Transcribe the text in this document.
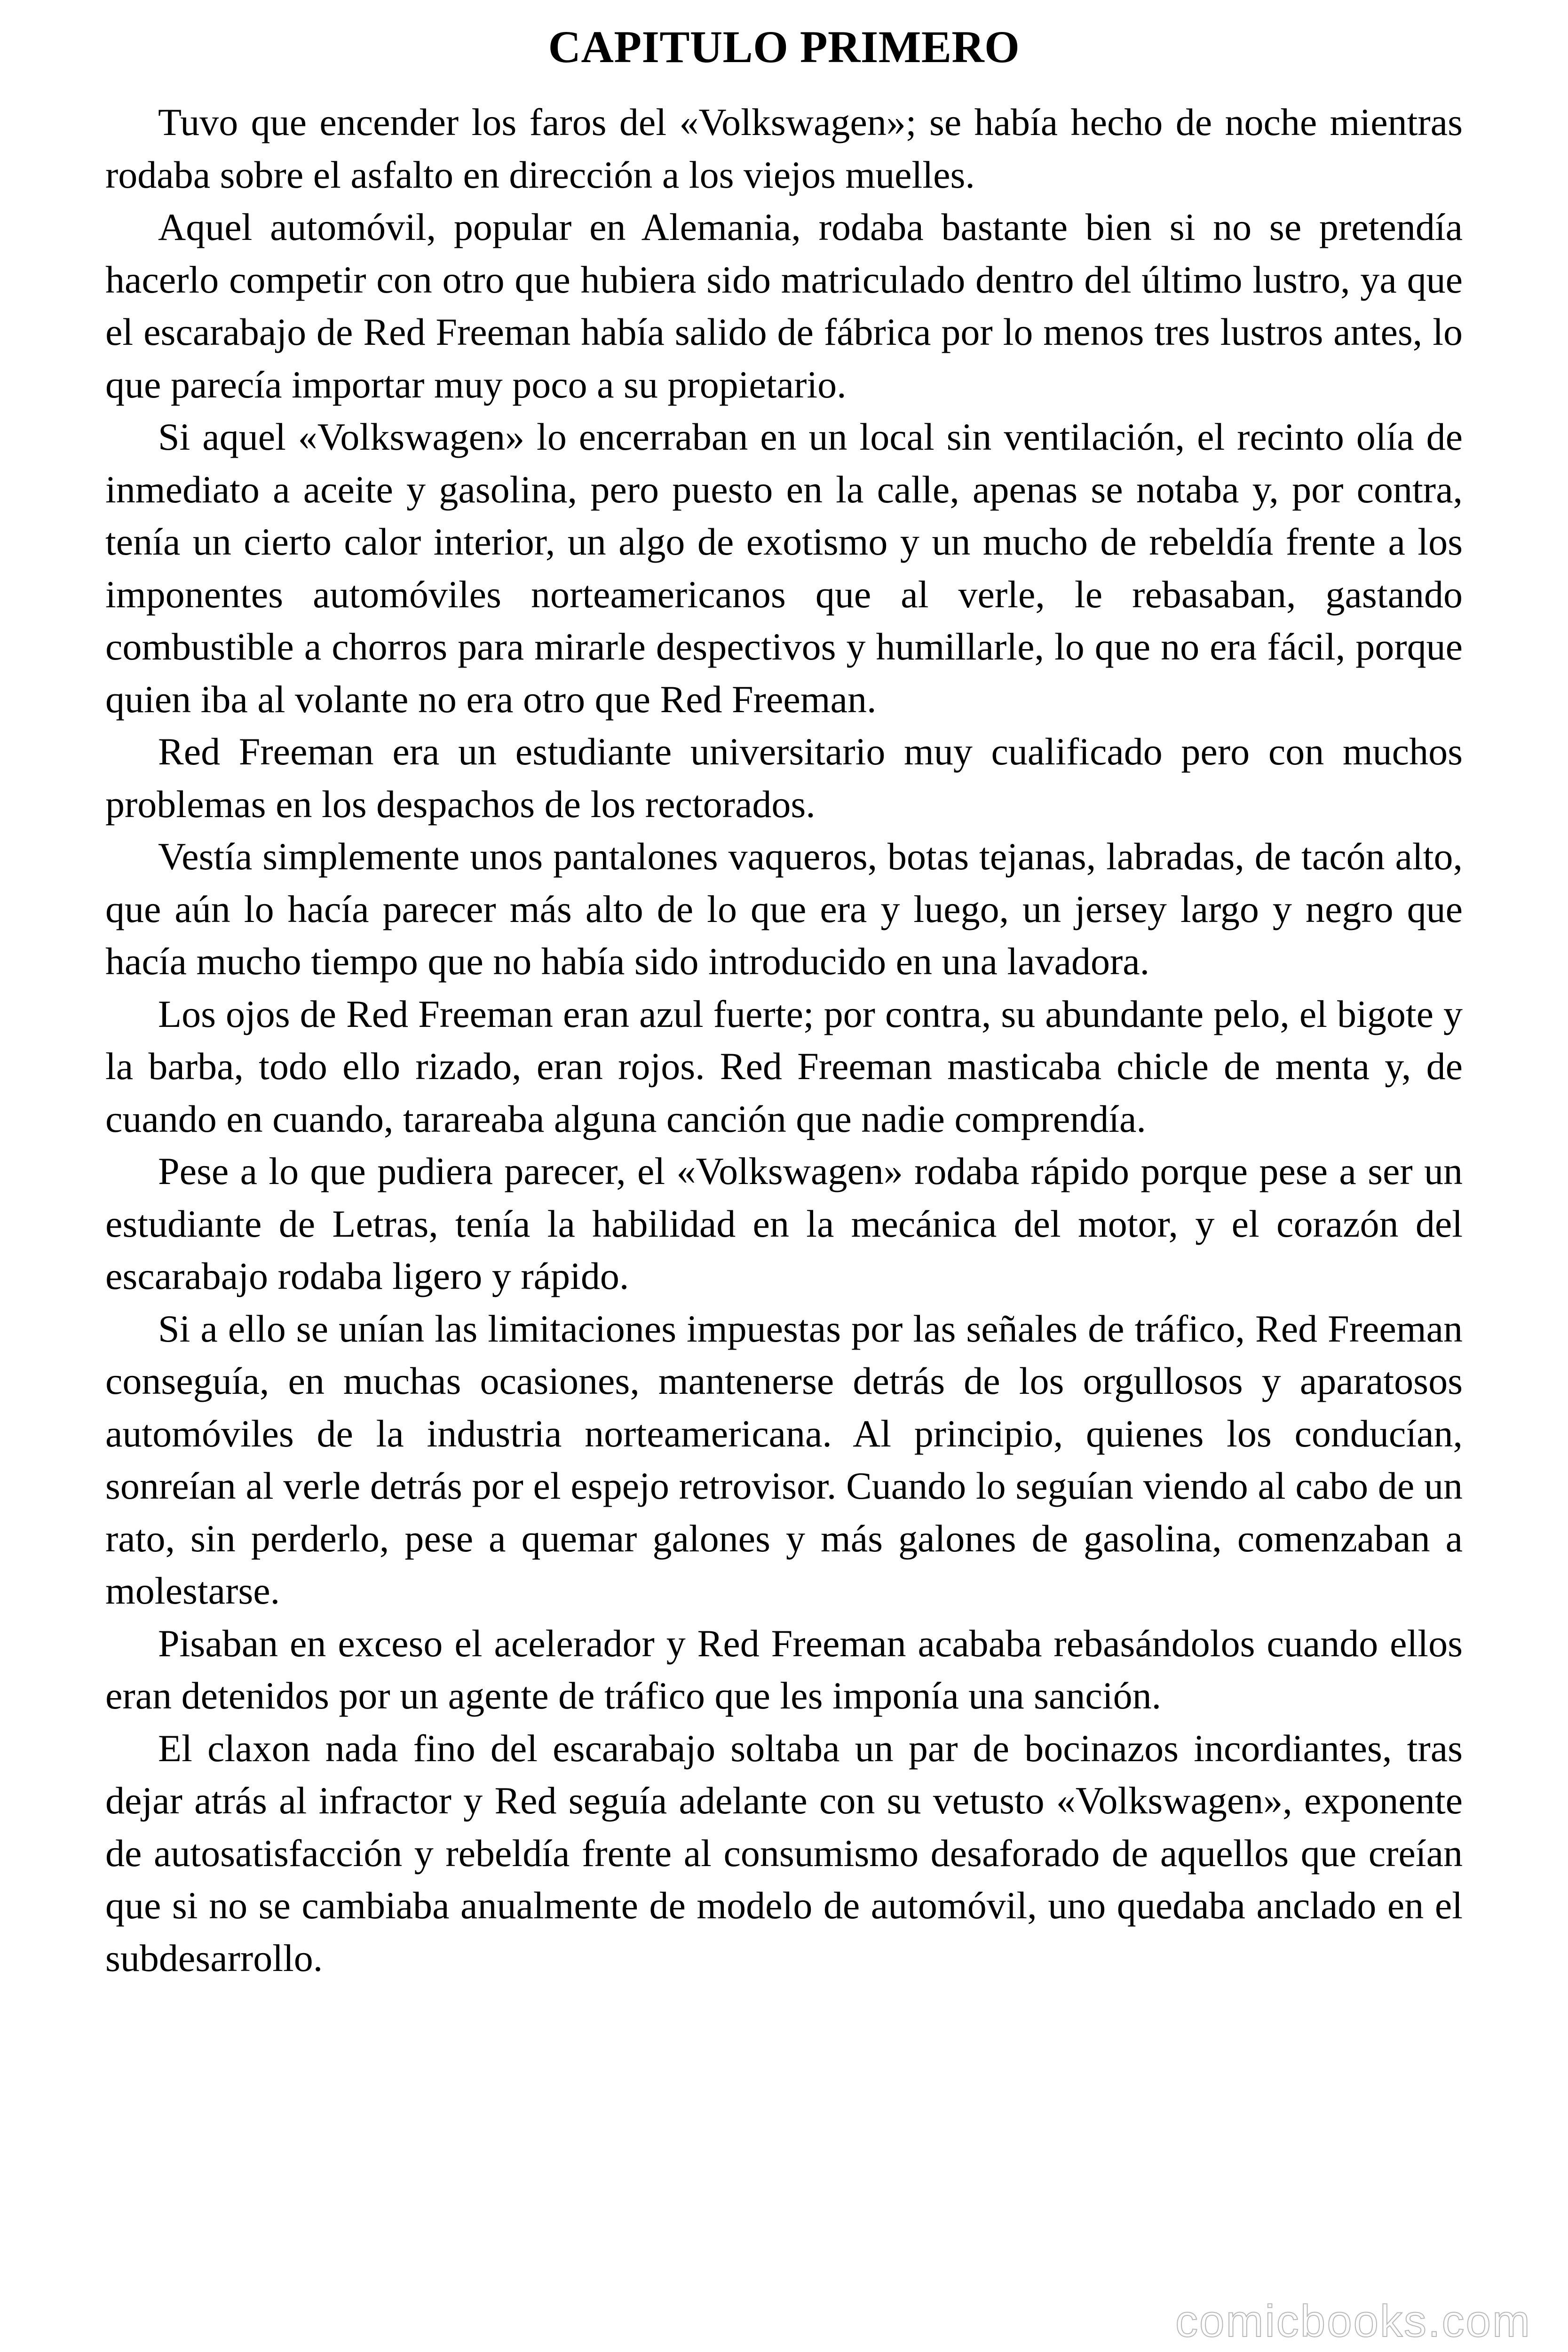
CAPITULO PRIMERO

Tuvo que encender los faros del «Volkswagen»; se había hecho de noche mientras rodaba sobre el asfalto en dirección a los viejos muelles.

Aquel automóvil, popular en Alemania, rodaba bastante bien si no se pretendía hacerlo competir con otro que hubiera sido matriculado dentro del último lustro, ya que el escarabajo de Red Freeman había salido de fábrica por lo menos tres lustros antes, lo que parecía importar muy poco a su propietario.

Si aquel «Volkswagen» lo encerraban en un local sin ventilación, el recinto olía de inmediato a aceite y gasolina, pero puesto en la calle, apenas se notaba y, por contra, tenía un cierto calor interior, un algo de exotismo y un mucho de rebeldía frente a los imponentes automóviles norteamericanos que al verle, le rebasaban, gastando combustible a chorros para mirarle despectivos y humillarle, lo que no era fácil, porque quien iba al volante no era otro que Red Freeman.

Red Freeman era un estudiante universitario muy cualificado pero con muchos problemas en los despachos de los rectorados.

Vestía simplemente unos pantalones vaqueros, botas tejanas, labradas, de tacón alto, que aún lo hacía parecer más alto de lo que era y luego, un jersey largo y negro que hacía mucho tiempo que no había sido introducido en una lavadora.

Los ojos de Red Freeman eran azul fuerte; por contra, su abundante pelo, el bigote y la barba, todo ello rizado, eran rojos. Red Freeman masticaba chicle de menta y, de cuando en cuando, tarareaba alguna canción que nadie comprendía.

Pese a lo que pudiera parecer, el «Volkswagen» rodaba rápido porque pese a ser un estudiante de Letras, tenía la habilidad en la mecánica del motor, y el corazón del escarabajo rodaba ligero y rápido.

Si a ello se unían las limitaciones impuestas por las señales de tráfico, Red Freeman conseguía, en muchas ocasiones, mantenerse detrás de los orgullosos y aparatosos automóviles de la industria norteamericana. Al principio, quienes los conducían, sonreían al verle detrás por el espejo retrovisor. Cuando lo seguían viendo al cabo de un rato, sin perderlo, pese a quemar galones y más galones de gasolina, comenzaban a molestarse.

Pisaban en exceso el acelerador y Red Freeman acababa rebasándolos cuando ellos eran detenidos por un agente de tráfico que les imponía una sanción.

El claxon nada fino del escarabajo soltaba un par de bocinazos incordiantes, tras dejar atrás al infractor y Red seguía adelante con su vetusto «Volkswagen», exponente de autosatisfacción y rebeldía frente al consumismo desaforado de aquellos que creían que si no se cambiaba anualmente de modelo de automóvil, uno quedaba anclado en el subdesarrollo.

comicbooks.com
